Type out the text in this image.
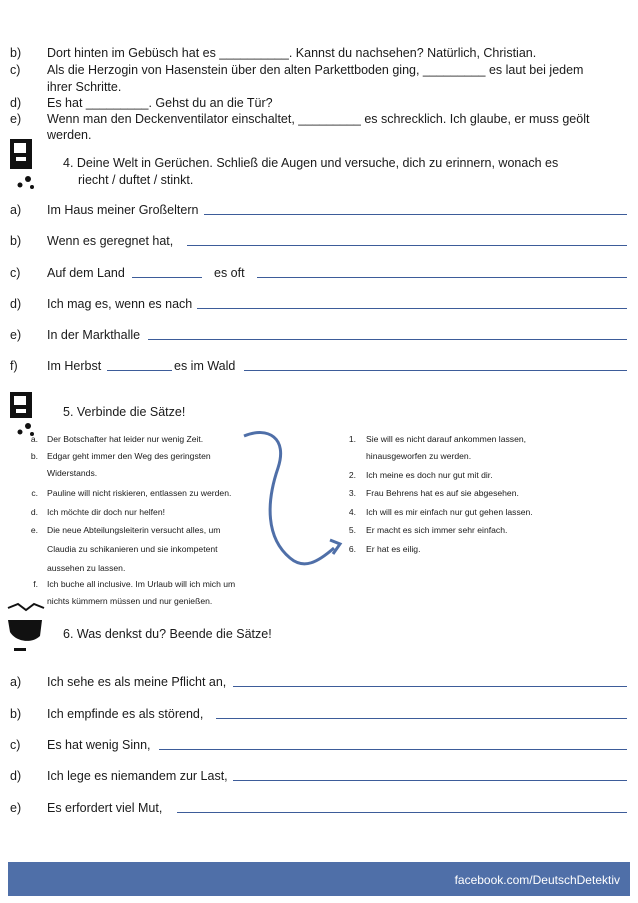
b) Dort hinten im Gebüsch hat es __________. Kannst du nachsehen? Natürlich, Christian.
c) Als die Herzogin von Hasenstein über den alten Parkettboden ging, _________ es laut bei jedem
ihrer Schritte.
d) Es hat _________. Gehst du an die Tür?
e) Wenn man den Deckenventilator einschaltet, _________ es schrecklich. Ich glaube, er muss geölt
werden.
4. Deine Welt in Gerüchen. Schließ die Augen und versuche, dich zu erinnern, wonach es
riecht / duftet / stinkt.
a) Im Haus meiner Großeltern
b) Wenn es geregnet hat,
c) Auf dem Land	es oft
d) Ich mag es, wenn es nach
e) In der Markthalle
f) Im Herbst	es im Wald
5. Verbinde die Sätze!
a. Der Botschafter hat leider nur wenig Zeit.
b. Edgar geht immer den Weg des geringsten
Widerstands.
c. Pauline will nicht riskieren, entlassen zu werden.
d. Ich möchte dir doch nur helfen!
e. Die neue Abteilungsleiterin versucht alles, um
Claudia zu schikanieren und sie inkompetent
aussehen zu lassen.
f. Ich buche all inclusive. Im Urlaub will ich mich um
nichts kümmern müssen und nur genießen.
1. Sie will es nicht darauf ankommen lassen,
hinausgeworfen zu werden.
2. Ich meine es doch nur gut mit dir.
3. Frau Behrens hat es auf sie abgesehen.
4. Ich will es mir einfach nur gut gehen lassen.
5. Er macht es sich immer sehr einfach.
6. Er hat es eilig.
6. Was denkst du? Beende die Sätze!
a) Ich sehe es als meine Pflicht an,
b) Ich empfinde es als störend,
c) Es hat wenig Sinn,
d) Ich lege es niemandem zur Last,
e) Es erfordert viel Mut,
facebook.com/DeutschDetektiv
